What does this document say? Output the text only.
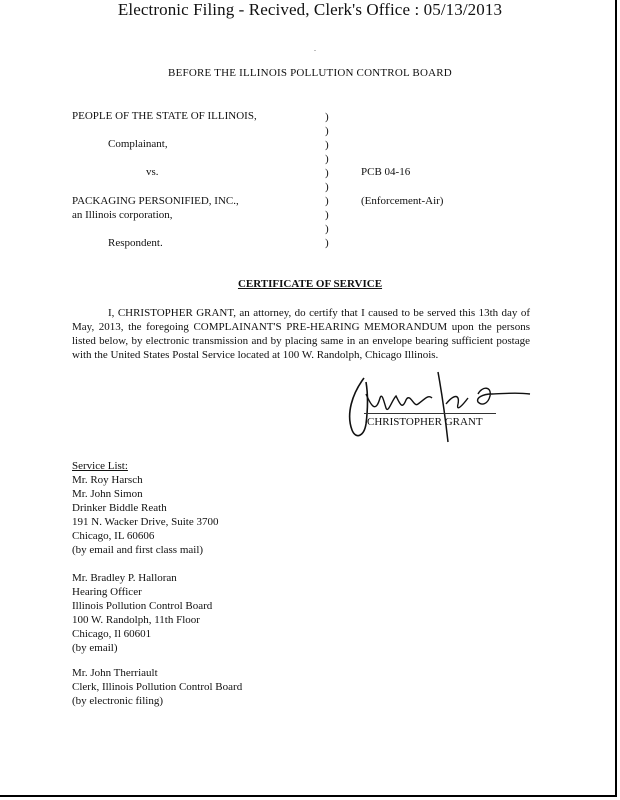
Electronic Filing - Recived, Clerk's Office : 05/13/2013
.
BEFORE THE ILLINOIS POLLUTION CONTROL BOARD
PEOPLE OF THE STATE OF ILLINOIS,
Complainant,
vs.
PACKAGING PERSONIFIED, INC.,
an Illinois corporation,
Respondent.
)
)
)
)
)
)
)
)
)
)
PCB 04-16
(Enforcement-Air)
CERTIFICATE OF SERVICE
I, CHRISTOPHER GRANT, an attorney, do certify that I caused to be served this 13th day of May, 2013, the foregoing COMPLAINANT'S PRE-HEARING MEMORANDUM upon the persons listed below, by electronic transmission and by placing same in an envelope bearing sufficient postage with the United States Postal Service located at 100 W. Randolph, Chicago Illinois.
CHRISTOPHER GRANT
Service List:
Mr. Roy Harsch
Mr. John Simon
Drinker Biddle Reath
191 N. Wacker Drive, Suite 3700
Chicago, IL 60606
(by email and first class mail)
Mr. Bradley P. Halloran
Hearing Officer
Illinois Pollution Control Board
100 W. Randolph, 11th Floor
Chicago, Il 60601
(by email)
Mr. John Therriault
Clerk, Illinois Pollution Control Board
(by electronic filing)
